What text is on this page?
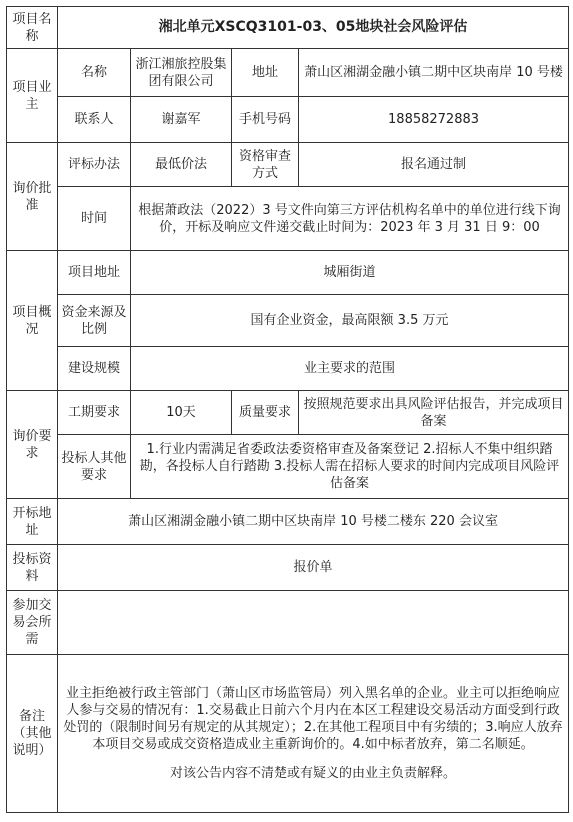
项目名称	湘北单元XSCQ3101-03、05地块社会风险评估			
项目业主	名称	浙江湘旅控股集团有限公司	地址	萧山区湘湖金融小镇二期中区块南岸 10 号楼
	联系人	谢嘉军	手机号码	18858272883
询价批准	评标办法	最低价法	资格审查方式	报名通过制
	时间	根据萧政法（2022）3 号文件向第三方评估机构名单中的单位进行线下询价，开标及响应文件递交截止时间为：2023 年 3 月 31 日 9：00		
项目概况	项目地址	城厢街道		
	资金来源及比例	国有企业资金，最高限额 3.5 万元		
	建设规模	业主要求的范围		
询价要求	工期要求	10天	质量要求	按照规范要求出具风险评估报告，并完成项目备案
	投标人其他要求	1.行业内需满足省委政法委资格审查及备案登记 2.招标人不集中组织踏勘，各投标人自行踏勘 3.投标人需在招标人要求的时间内完成项目风险评估备案		
开标地址	萧山区湘湖金融小镇二期中区块南岸 10 号楼二楼东 220 会议室			
投标资料	报价单			
参加交易会所需				
备注（其他说明）	业主拒绝被行政主管部门（萧山区市场监管局）列入黑名单的企业。业主可以拒绝响应人参与交易的情况有：1.交易截止日前六个月内在本区工程建设交易活动方面受到行政处罚的（限制时间另有规定的从其规定）；2.在其他工程项目中有劣绩的；3.响应人放弃本项目交易或成交资格造成业主重新询价的。4.如中标者放弃，第二名顺延。

对该公告内容不清楚或有疑义的由业主负责解释。			
